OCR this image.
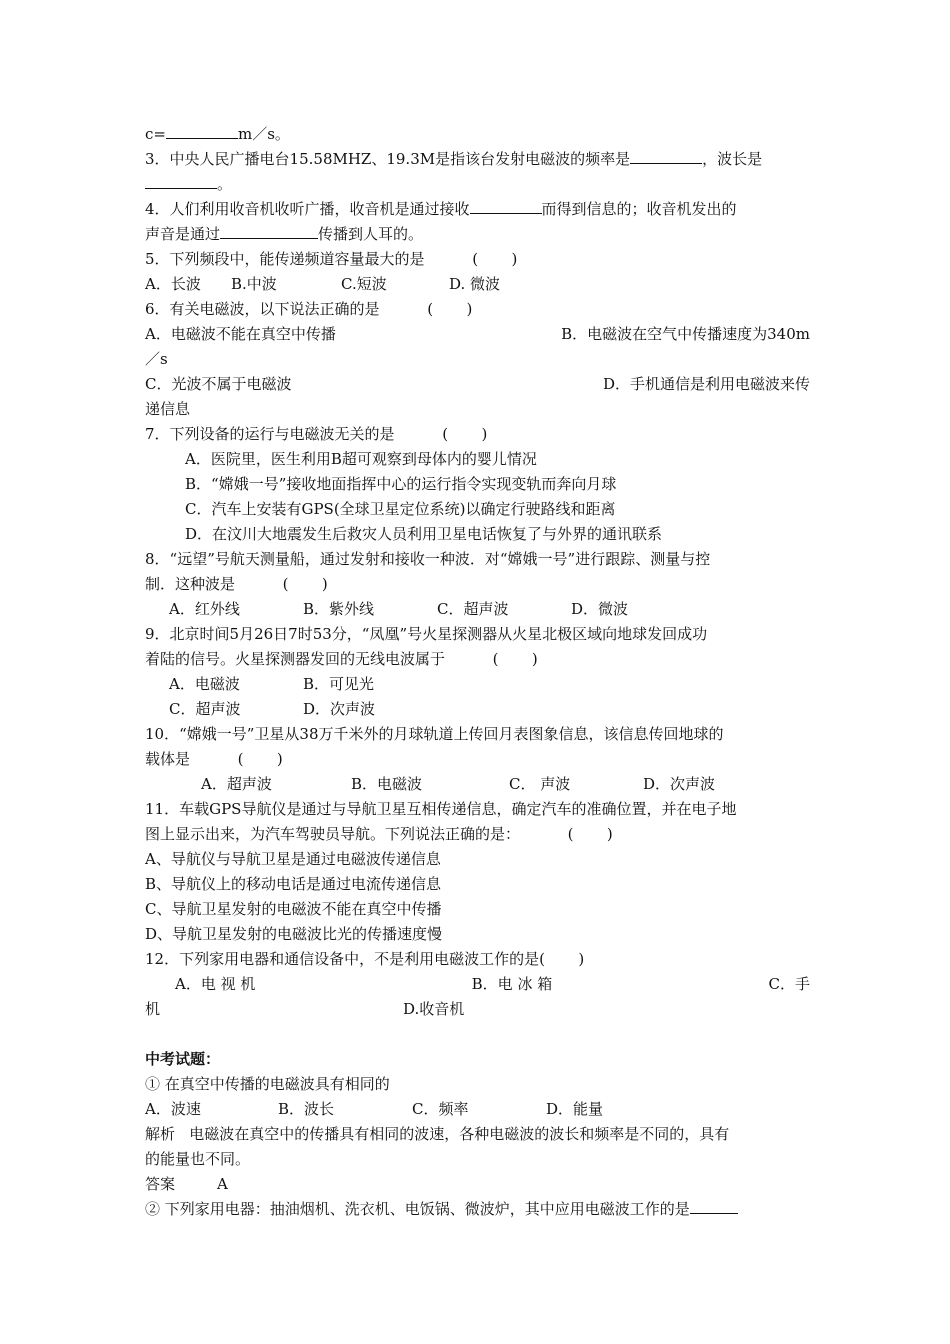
c=	m／s。
3．中央人民广播电台15.58MHZ、19.3M是指该台发射电磁波的频率是	，波长是
。
4．人们利用收音机收听广播，收音机是通过接收	而得到信息的；收音机发出的
声音是通过	传播到人耳的。
5．下列频段中，能传递频道容量最大的是          (       )
A．长波 B.中波	C.短波	D. 微波
6．有关电磁波，以下说法正确的是          (       )
A．电磁波不能在真空中传播	B．电磁波在空气中传播速度为340m
／s
C．光波不属于电磁波	D．手机通信是利用电磁波来传
递信息
7．下列设备的运行与电磁波无关的是          (       )
A．医院里，医生利用B超可观察到母体内的婴儿情况
B．“嫦娥一号”接收地面指挥中心的运行指令实现变轨而奔向月球
C．汽车上安装有GPS(全球卫星定位系统)以确定行驶路线和距离
D．在汶川大地震发生后救灾人员利用卫星电话恢复了与外界的通讯联系
8．“远望”号航天测量船，通过发射和接收一种波．对“嫦娥一号”进行跟踪、测量与控
制．这种波是          (       )
A．红外线	B．紫外线	C．超声波	D．微波
9．北京时间5月26日7时53分，“凤凰”号火星探测器从火星北极区域向地球发回成功
着陆的信号。火星探测器发回的无线电波属于          (       )
A．电磁波	B．可见光
C．超声波	D．次声波
10．“嫦娥一号”卫星从38万千米外的月球轨道上传回月表图象信息，该信息传回地球的
载体是          (       )
A．超声波	B．电磁波	C． 声波	D．次声波
11．车载GPS导航仪是通过与导航卫星互相传递信息，确定汽车的准确位置，并在电子地
图上显示出来，为汽车驾驶员导航。下列说法正确的是：          (       )
A、导航仪与导航卫星是通过电磁波传递信息
B、导航仪上的移动电话是通过电流传递信息
C、导航卫星发射的电磁波不能在真空中传播
D、导航卫星发射的电磁波比光的传播速度慢
12．下列家用电器和通信设备中，不是利用电磁波工作的是(       )
A．电 视 机	B．电 冰 箱	C．手
机	D.收音机
中考试题：
① 在真空中传播的电磁波具有相同的
A．波速	B．波长	C．频率	D．能量
解析   电磁波在真空中的传播具有相同的波速，各种电磁波的波长和频率是不同的，具有
的能量也不同。
答案	A
② 下列家用电器：抽油烟机、洗衣机、电饭锅、微波炉，其中应用电磁波工作的是
